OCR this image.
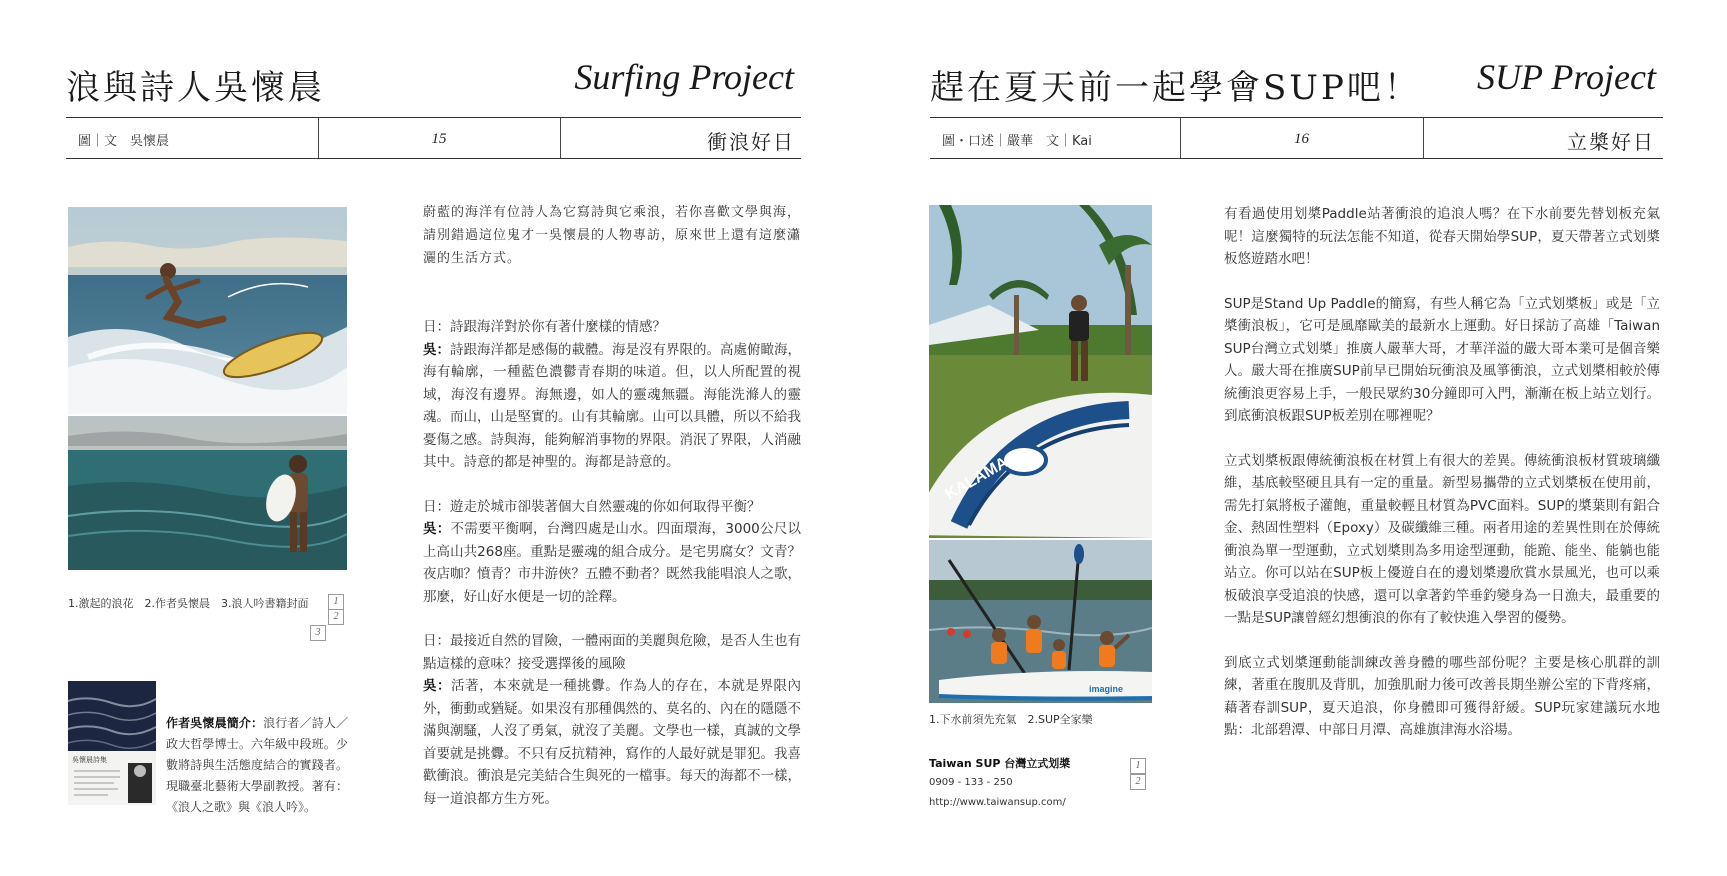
浪與詩人吳懷晨	Surfing Project
圖｜文　吳懷晨	15	衝浪好日
1.激起的浪花　2.作者吳懷晨　3.浪人吟書籍封面	1
2
3
吳懷晨詩集
作者吳懷晨簡介：浪行者／詩人／政大哲學博士。六年級中段班。少數將詩與生活態度結合的實踐者。現職臺北藝術大學副教授。著有：《浪人之歌》與《浪人吟》。
蔚藍的海洋有位詩人為它寫詩與它乘浪，若你喜歡文學與海，請別錯過這位鬼才一吳懷晨的人物專訪，原來世上還有這麼瀟灑的生活方式。

日：詩跟海洋對於你有著什麼樣的情感？
吳：詩跟海洋都是感傷的載體。海是沒有界限的。高處俯瞰海，海有輪廓，一種藍色濃鬱青春期的味道。但，以人所配置的視域，海沒有邊界。海無邊，如人的靈魂無疆。海能洗滌人的靈魂。而山，山是堅實的。山有其輪廓。山可以具體，所以不給我憂傷之感。詩與海，能夠解消事物的界限。消泯了界限，人消融其中。詩意的都是神聖的。海都是詩意的。

日：遊走於城市卻裝著個大自然靈魂的你如何取得平衡？
吳：不需要平衡啊，台灣四處是山水。四面環海，3000公尺以上高山共268座。重點是靈魂的組合成分。是宅男腐女？文青？夜店咖？憤青？市井游俠？五體不動者？既然我能唱浪人之歌，那麼，好山好水便是一切的詮釋。

日：最接近自然的冒險，一體兩面的美麗與危險，是否人生也有點這樣的意味？接受選擇後的風險
吳：活著，本來就是一種挑釁。作為人的存在，本就是界限內外，衝動或猶疑。如果沒有那種偶然的、莫名的、內在的隱隱不滿與潮騷，人沒了勇氣，就沒了美麗。文學也一樣，真誠的文學首要就是挑釁。不只有反抗精神，寫作的人最好就是罪犯。我喜歡衝浪。衝浪是完美結合生與死的一檔事。每天的海都不一樣，每一道浪都方生方死。

趕在夏天前一起學會SUP吧！	SUP Project
圖・口述｜嚴華　文｜Kai	16	立槳好日
KALAMA
imagine
1.下水前須先充氣　2.SUP全家樂
Taiwan SUP 台灣立式划槳
0909 - 133 - 250
http://www.taiwansup.com/
1
2

有看過使用划槳Paddle站著衝浪的追浪人嗎？在下水前要先替划板充氣呢！這麼獨特的玩法怎能不知道，從春天開始學SUP，夏天帶著立式划槳板悠遊踏水吧！

SUP是Stand Up Paddle的簡寫，有些人稱它為「立式划槳板」或是「立槳衝浪板」，它可是風靡歐美的最新水上運動。好日採訪了高雄「Taiwan SUP台灣立式划槳」推廣人嚴華大哥，才華洋溢的嚴大哥本業可是個音樂人。嚴大哥在推廣SUP前早已開始玩衝浪及風箏衝浪，立式划槳相較於傳統衝浪更容易上手，一般民眾約30分鐘即可入門，漸漸在板上站立划行。到底衝浪板跟SUP板差別在哪裡呢？

立式划槳板跟傳統衝浪板在材質上有很大的差異。傳統衝浪板材質玻璃纖維，基底較堅硬且具有一定的重量。新型易攜帶的立式划槳板在使用前，需先打氣將板子灌飽，重量較輕且材質為PVC面料。SUP的槳葉則有鋁合金、熱固性塑料（Epoxy）及碳纖維三種。兩者用途的差異性則在於傳統衝浪為單一型運動，立式划槳則為多用途型運動，能跪、能坐、能躺也能站立。你可以站在SUP板上優遊自在的邊划槳邊欣賞水景風光，也可以乘板破浪享受追浪的快感，還可以拿著釣竿垂釣變身為一日漁夫，最重要的一點是SUP讓曾經幻想衝浪的你有了較快進入學習的優勢。

到底立式划槳運動能訓練改善身體的哪些部份呢？主要是核心肌群的訓練，著重在腹肌及背肌，加強肌耐力後可改善長期坐辦公室的下背疼痛，藉著春訓SUP，夏天追浪，你身體即可獲得舒緩。SUP玩家建議玩水地點：北部碧潭、中部日月潭、高雄旗津海水浴場。
